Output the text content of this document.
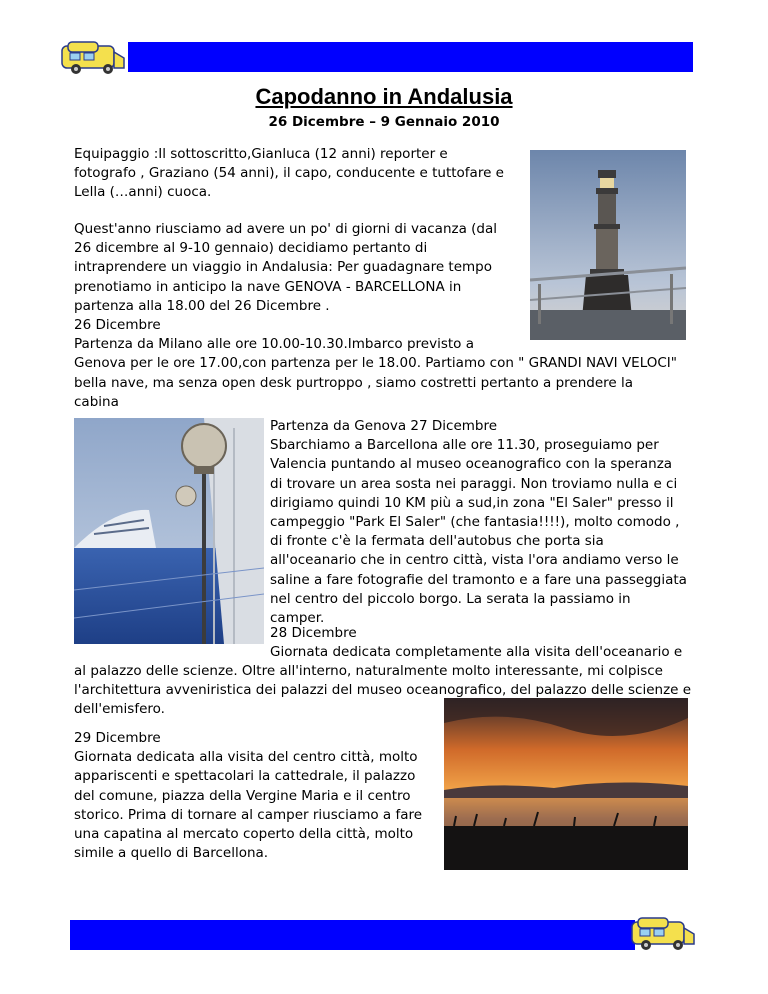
Capodanno in Andalusia
26 Dicembre – 9 Gennaio 2010

Equipaggio :Il sottoscritto,Gianluca (12 anni) reporter e

fotografo , Graziano (54 anni), il capo, conducente e tuttofare e

Lella (…anni) cuoca.

Quest'anno riusciamo ad avere un po' di giorni di vacanza (dal

26 dicembre al 9-10 gennaio) decidiamo pertanto di

intraprendere un viaggio in Andalusia: Per guadagnare tempo

prenotiamo in anticipo la nave GENOVA - BARCELLONA in

partenza alla 18.00 del 26 Dicembre .

26 Dicembre

Partenza da Milano alle ore 10.00-10.30.Imbarco previsto a

Genova per le ore 17.00,con partenza per le 18.00. Partiamo con " GRANDI NAVI VELOCI"

bella nave, ma senza open desk purtroppo , siamo costretti pertanto a prendere la

cabina

Partenza da Genova 27 Dicembre

Sbarchiamo a Barcellona alle ore 11.30, proseguiamo per

Valencia puntando al museo oceanografico con la speranza

di trovare un area sosta nei paraggi. Non troviamo nulla e ci

dirigiamo quindi 10 KM più a sud,in zona "El Saler" presso il

campeggio "Park El Saler" (che fantasia!!!!), molto comodo ,

di fronte c'è la fermata dell'autobus che porta sia

all'oceanario che in centro città, vista l'ora andiamo verso le

saline a fare fotografie del tramonto e a fare una passeggiata

nel centro del piccolo borgo. La serata la passiamo in

camper.

28 Dicembre

Giornata dedicata completamente alla visita dell'oceanario e

al palazzo delle scienze. Oltre all'interno, naturalmente molto interessante, mi colpisce

l'architettura avveniristica dei palazzi del museo oceanografico, del palazzo delle scienze e

dell'emisfero.

29 Dicembre

Giornata dedicata alla visita del centro città, molto

appariscenti e spettacolari la cattedrale, il palazzo

del comune, piazza della Vergine Maria e il centro

storico. Prima di tornare al camper riusciamo a fare

una capatina al mercato coperto della città, molto

simile a quello di Barcellona.
